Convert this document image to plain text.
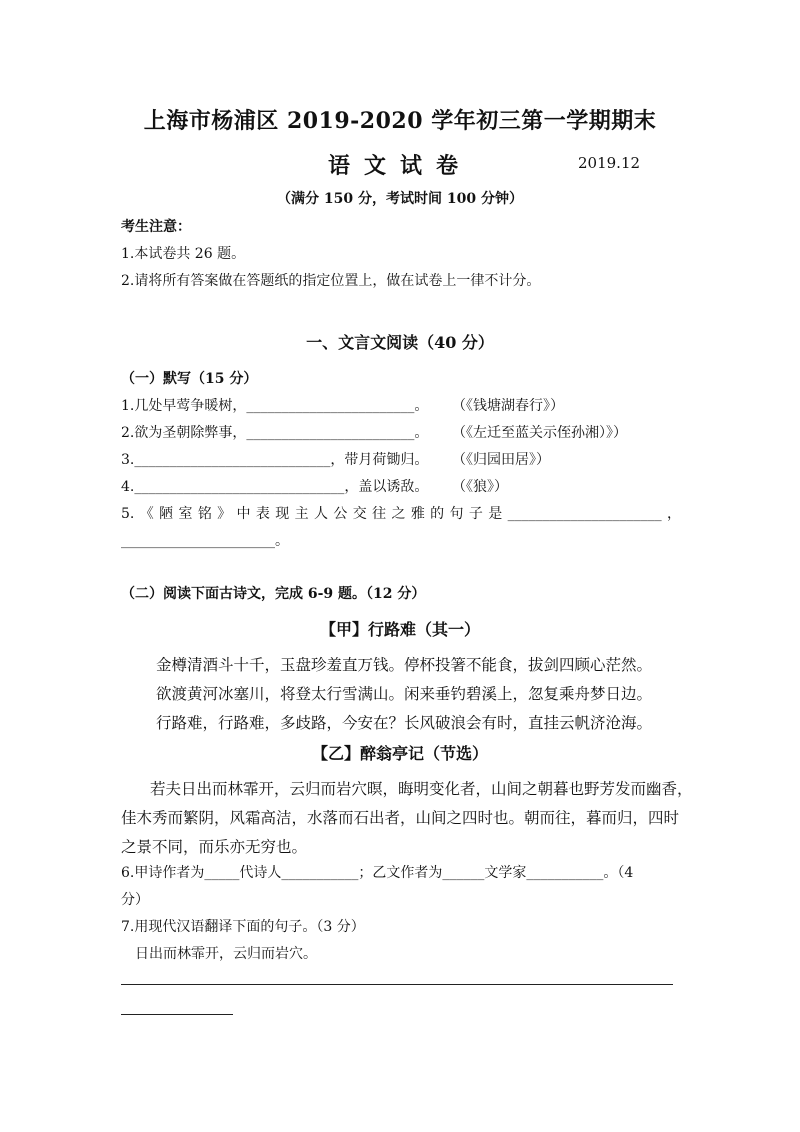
上海市杨浦区 2019-2020 学年初三第一学期期末
语文试卷	2019.12
（满分 150 分，考试时间 100 分钟）
考生注意：
1.本试卷共 26 题。
2.请将所有答案做在答题纸的指定位置上，做在试卷上一律不计分。
一、文言文阅读（40 分）
（一）默写（15 分）
1.几处早莺争暖树，________________________。 （《钱塘湖春行》）
2.欲为圣朝除弊事，________________________。 （《左迁至蓝关示侄孙湘）》）
3.____________________________，带月荷锄归。 （《归园田居》）
4.______________________________，盖以诱敌。 （《狼》）
5.《陋室铭》中表现主人公交往之雅的句子是______________________，
______________________。
（二）阅读下面古诗文，完成 6-9 题。（12 分）
【甲】行路难（其一）
金樽清酒斗十千，玉盘珍羞直万钱。停杯投箸不能食，拔剑四顾心茫然。
欲渡黄河冰塞川，将登太行雪满山。闲来垂钓碧溪上，忽复乘舟梦日边。
行路难，行路难，多歧路，今安在？长风破浪会有时，直挂云帆济沧海。
【乙】醉翁亭记（节选）
若夫日出而林霏开，云归而岩穴暝，晦明变化者，山间之朝暮也野芳发而幽香，
佳木秀而繁阴，风霜高洁，水落而石出者，山间之四时也。朝而往，暮而归，四时
之景不同，而乐亦无穷也。
6.甲诗作者为_____代诗人___________；乙文作者为______文学家___________。（4
分）
7.用现代汉语翻译下面的句子。（3 分）
日出而林霏开，云归而岩穴。
